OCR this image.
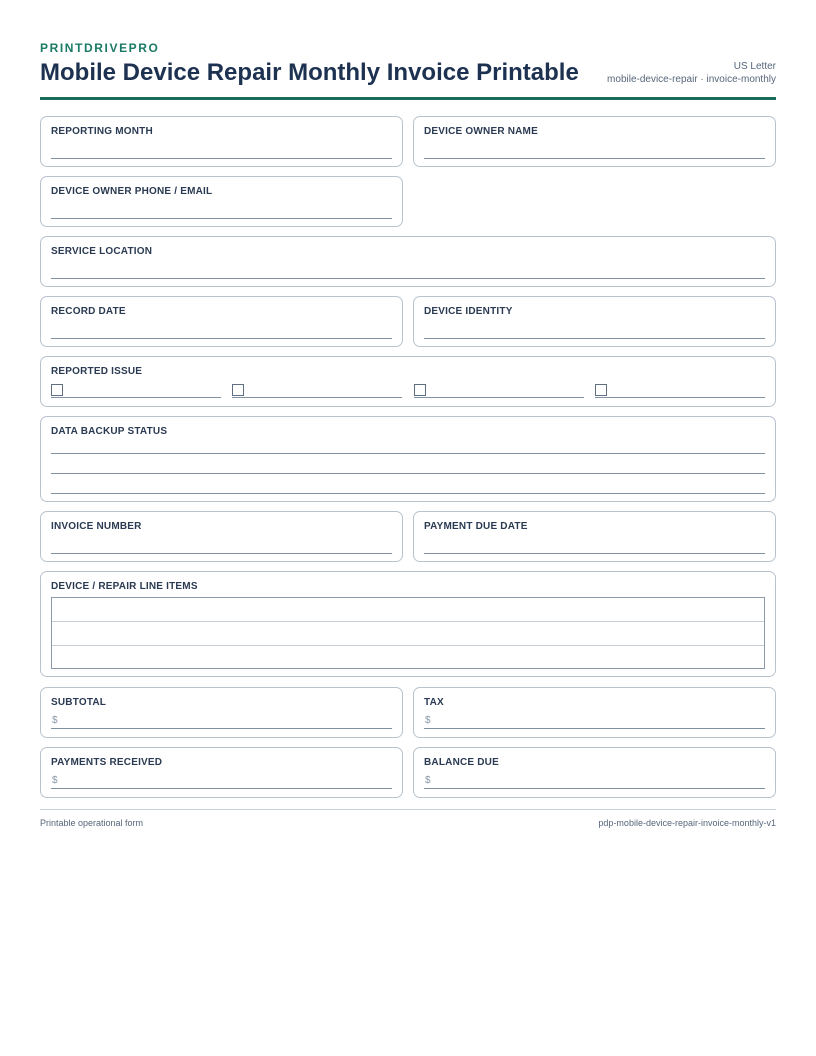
PRINTDRIVEPRO
Mobile Device Repair Monthly Invoice Printable	US Letter
mobile-device-repair · invoice-monthly
REPORTING MONTH	DEVICE OWNER NAME
DEVICE OWNER PHONE / EMAIL
SERVICE LOCATION
RECORD DATE	DEVICE IDENTITY
REPORTED ISSUE
DATA BACKUP STATUS
INVOICE NUMBER	PAYMENT DUE DATE
DEVICE / REPAIR LINE ITEMS
SUBTOTAL
$
TAX
$
PAYMENTS RECEIVED
$
BALANCE DUE
$
Printable operational form	pdp-mobile-device-repair-invoice-monthly-v1
